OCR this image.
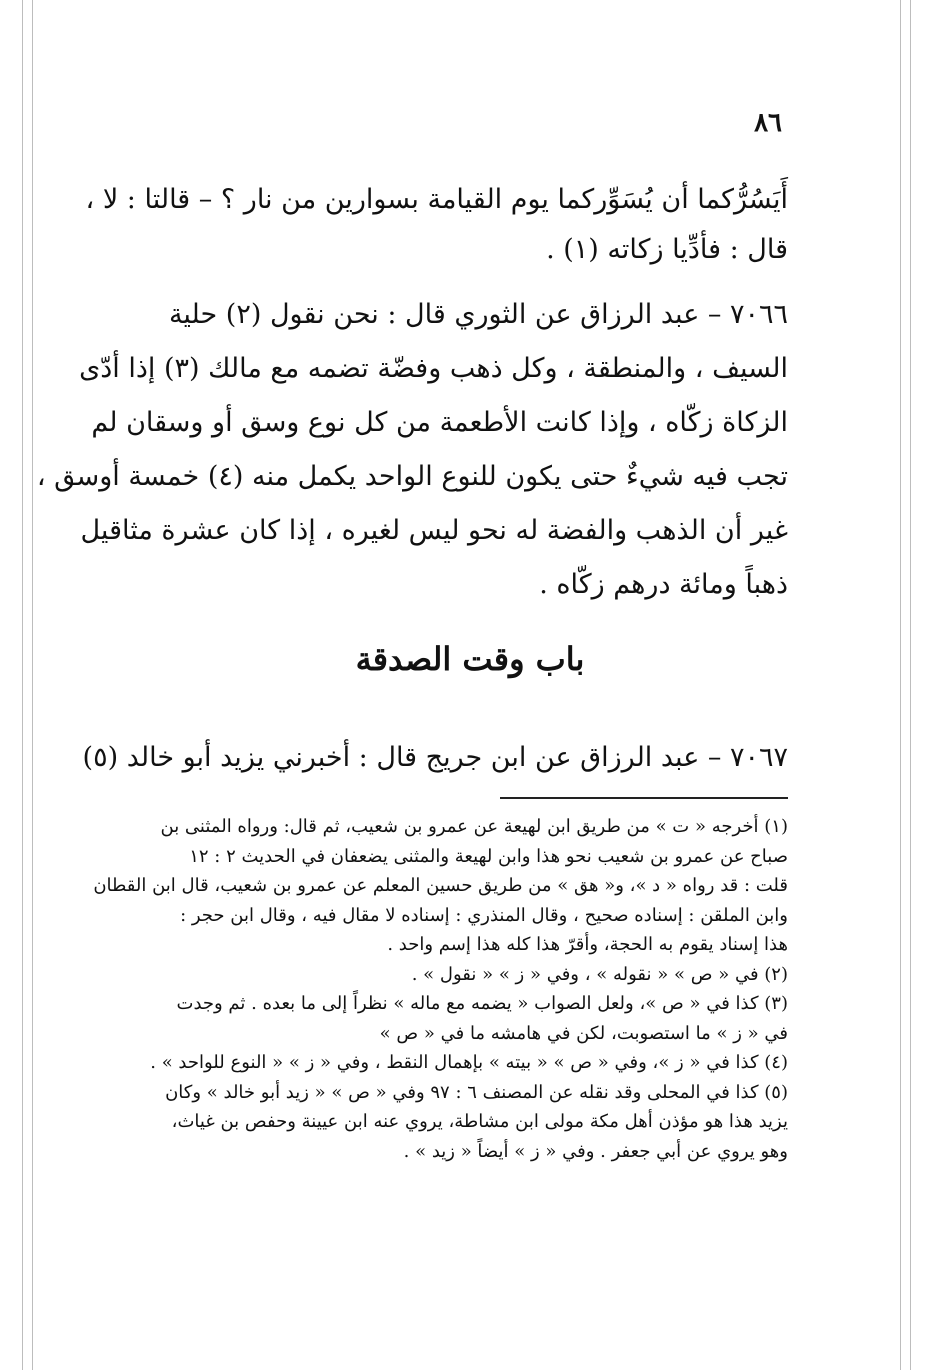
٨٦
أَيَسُرُّكما أن يُسَوِّركما يوم القيامة بسوارين من نار ؟ – قالتا : لا ،
قال : فأدِّيا زكاته (١) .
٧٠٦٦ – عبد الرزاق عن الثوري قال : نحن نقول (٢) حلية
السيف ، والمنطقة ، وكل ذهب وفضّة تضمه مع مالك (٣) إذا أدّى
الزكاة زكّاه ، وإذا كانت الأطعمة من كل نوع وسق أو وسقان لم
تجب فيه شيءٌ حتى يكون للنوع الواحد يكمل منه (٤) خمسة أوسق ،
غير أن الذهب والفضة له نحو ليس لغيره ، إذا كان عشرة مثاقيل
ذهباً ومائة درهم زكّاه .
باب وقت الصدقة
٧٠٦٧ – عبد الرزاق عن ابن جريج قال : أخبرني يزيد أبو خالد (٥)
(١) أخرجه « ت » من طريق ابن لهيعة عن عمرو بن شعيب، ثم قال: ورواه المثنى بن
صباح عن عمرو بن شعيب نحو هذا وابن لهيعة والمثنى يضعفان في الحديث ٢ : ١٢
قلت : قد رواه « د »، و« هق » من طريق حسين المعلم عن عمرو بن شعيب، قال ابن القطان
وابن الملقن : إسناده صحيح ، وقال المنذري : إسناده لا مقال فيه ، وقال ابن حجر :
هذا إسناد يقوم به الحجة، وأقرّ هذا كله هذا إسم واحد .
(٢) في « ص » « نقوله » ، وفي « ز » « نقول » .
(٣) كذا في « ص »، ولعل الصواب « يضمه مع ماله » نظراً إلى ما بعده . ثم وجدت
في « ز » ما استصوبت، لكن في هامشه ما في « ص »
(٤) كذا في « ز »، وفي « ص » « بيته » بإهمال النقط ، وفي « ز » « النوع للواحد » .
(٥) كذا في المحلى وقد نقله عن المصنف ٦ : ٩٧ وفي « ص » « زيد أبو خالد » وكان
يزيد هذا هو مؤذن أهل مكة مولى ابن مشاطة، يروي عنه ابن عيينة وحفص بن غياث،
وهو يروي عن أبي جعفر . وفي « ز » أيضاً « زيد » .
